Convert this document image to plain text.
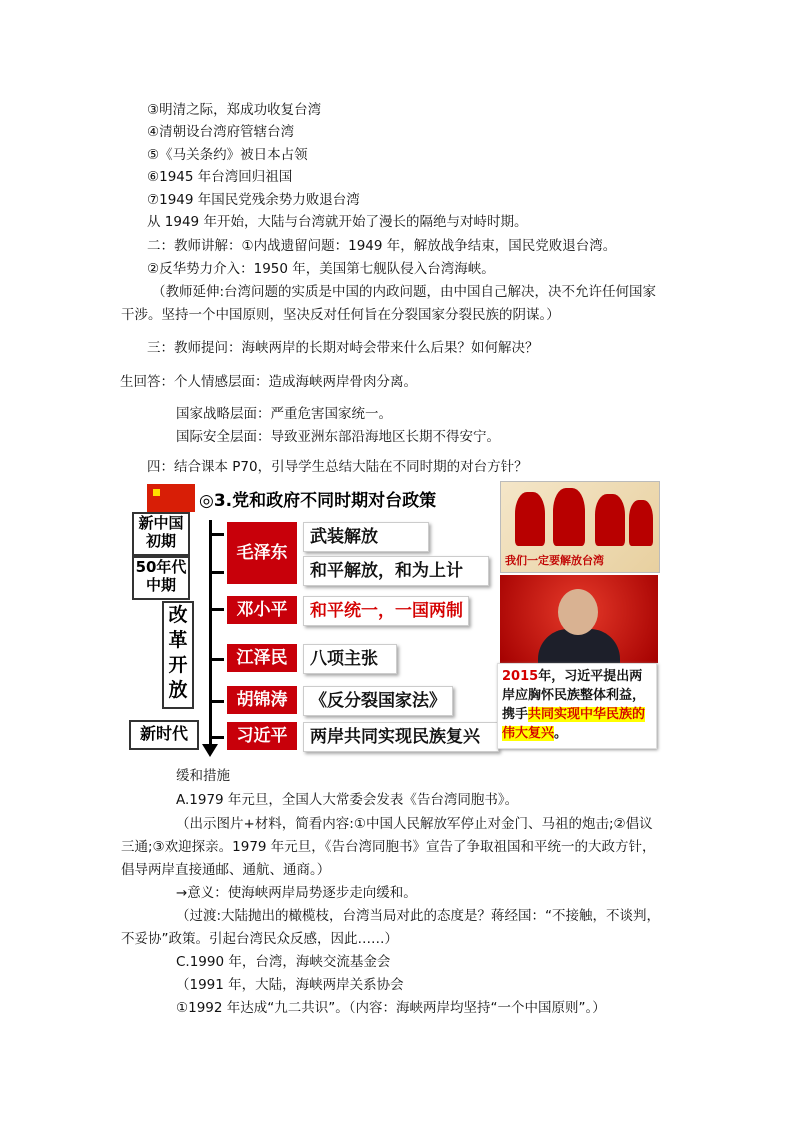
③明清之际，郑成功收复台湾
④清朝设台湾府管辖台湾
⑤《马关条约》被日本占领
⑥1945 年台湾回归祖国
⑦1949 年国民党残余势力败退台湾
从 1949 年开始，大陆与台湾就开始了漫长的隔绝与对峙时期。
二：教师讲解：①内战遗留问题：1949 年，解放战争结束，国民党败退台湾。
②反华势力介入：1950 年，美国第七舰队侵入台湾海峡。
（教师延伸:台湾问题的实质是中国的内政问题，由中国自己解决，决不允许任何国家
干涉。坚持一个中国原则，坚决反对任何旨在分裂国家分裂民族的阴谋。）
三：教师提问：海峡两岸的长期对峙会带来什么后果？如何解决？
生回答：个人情感层面：造成海峡两岸骨肉分离。
国家战略层面：严重危害国家统一。
国际安全层面：导致亚洲东部沿海地区长期不得安宁。
四：结合课本 P70，引导学生总结大陆在不同时期的对台方针？
◎3.党和政府不同时期对台政策
新中国
初期
50年代
中期
改
革
开
放
新时代
毛泽东
邓小平
江泽民
胡锦涛
习近平
武装解放
和平解放，和为上计
和平统一，一国两制
八项主张
《反分裂国家法》
两岸共同实现民族复兴
我们一定要解放台湾
2015年，习近平提出两岸应胸怀民族整体利益，携手共同实现中华民族的伟大复兴。
缓和措施
A.1979 年元旦，全国人大常委会发表《告台湾同胞书》。
（出示图片+材料，简看内容:①中国人民解放军停止对金门、马祖的炮击;②倡议
三通;③欢迎探亲。1979 年元旦，《告台湾同胞书》宣告了争取祖国和平统一的大政方针，
倡导两岸直接通邮、通航、通商。）
→意义：使海峡两岸局势逐步走向缓和。
（过渡:大陆抛出的橄榄枝，台湾当局对此的态度是？蒋经国：“不接触，不谈判，
不妥协”政策。引起台湾民众反感，因此……）
C.1990 年，台湾，海峡交流基金会
（1991 年，大陆，海峡两岸关系协会
①1992 年达成“九二共识”。（内容：海峡两岸均坚持“一个中国原则”。）
